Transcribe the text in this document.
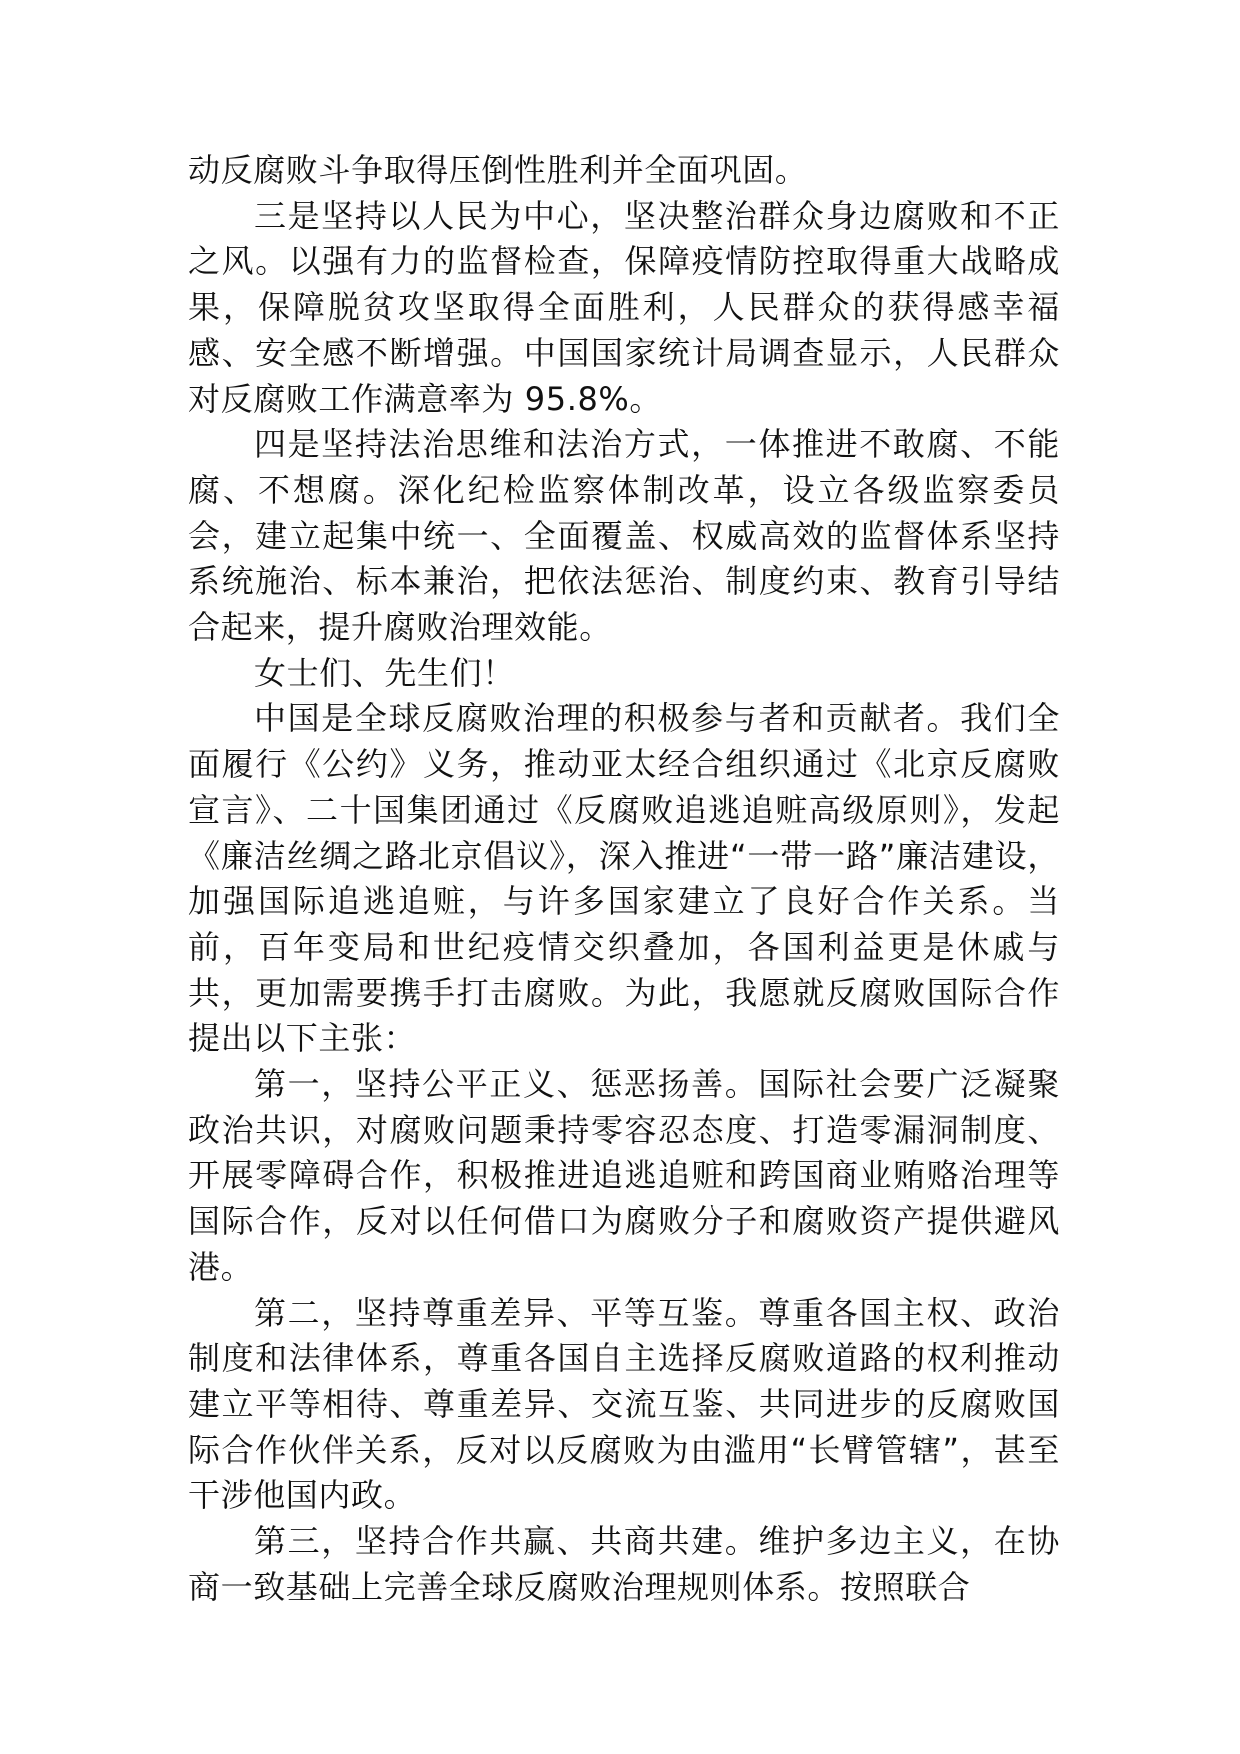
动反腐败斗争取得压倒性胜利并全面巩固。

三是坚持以人民为中心，坚决整治群众身边腐败和不正之风。以强有力的监督检查，保障疫情防控取得重大战略成果，保障脱贫攻坚取得全面胜利，人民群众的获得感幸福感、安全感不断增强。中国国家统计局调查显示，人民群众对反腐败工作满意率为 95.8%。

四是坚持法治思维和法治方式，一体推进不敢腐、不能腐、不想腐。深化纪检监察体制改革，设立各级监察委员会，建立起集中统一、全面覆盖、权威高效的监督体系坚持系统施治、标本兼治，把依法惩治、制度约束、教育引导结合起来，提升腐败治理效能。

女士们、先生们！

中国是全球反腐败治理的积极参与者和贡献者。我们全面履行《公约》义务，推动亚太经合组织通过《北京反腐败宣言》、二十国集团通过《反腐败追逃追赃高级原则》，发起《廉洁丝绸之路北京倡议》，深入推进“一带一路”廉洁建设，加强国际追逃追赃，与许多国家建立了良好合作关系。当前，百年变局和世纪疫情交织叠加，各国利益更是休戚与共，更加需要携手打击腐败。为此，我愿就反腐败国际合作提出以下主张：

第一，坚持公平正义、惩恶扬善。国际社会要广泛凝聚政治共识，对腐败问题秉持零容忍态度、打造零漏洞制度、开展零障碍合作，积极推进追逃追赃和跨国商业贿赂治理等国际合作，反对以任何借口为腐败分子和腐败资产提供避风港。

第二，坚持尊重差异、平等互鉴。尊重各国主权、政治制度和法律体系，尊重各国自主选择反腐败道路的权利推动建立平等相待、尊重差异、交流互鉴、共同进步的反腐败国际合作伙伴关系，反对以反腐败为由滥用“长臂管辖”，甚至干涉他国内政。

第三，坚持合作共赢、共商共建。维护多边主义，在协商一致基础上完善全球反腐败治理规则体系。按照联合
